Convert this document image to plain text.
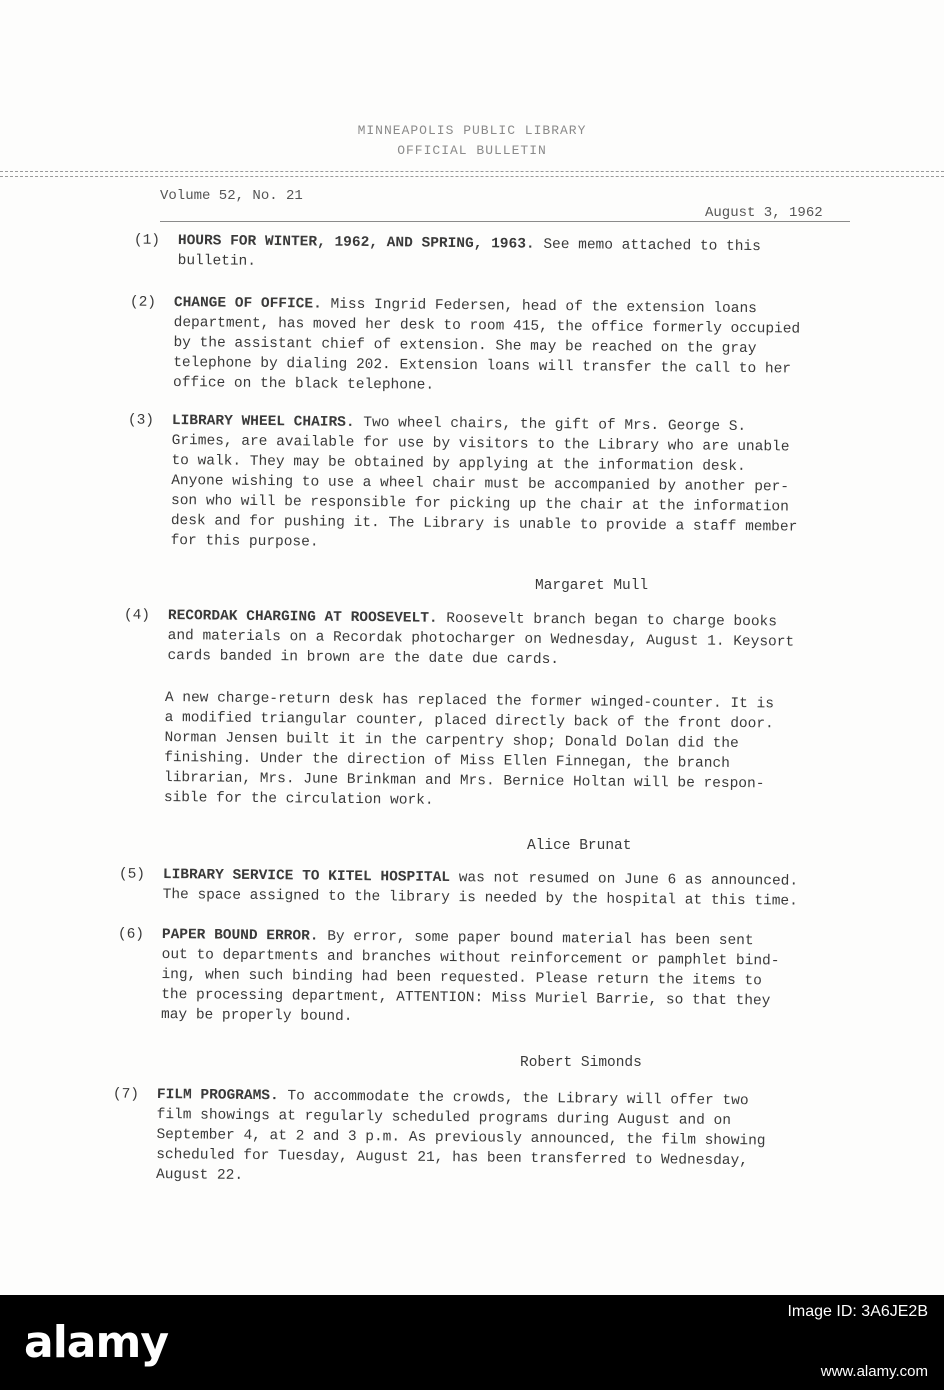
MINNEAPOLIS PUBLIC LIBRARY
OFFICIAL BULLETIN
Volume 52, No. 21
August 3, 1962
(1) HOURS FOR WINTER, 1962, AND SPRING, 1963. See memo attached to this
bulletin.
(2) CHANGE OF OFFICE. Miss Ingrid Federsen, head of the extension loans
department, has moved her desk to room 415, the office formerly occupied
by the assistant chief of extension. She may be reached on the gray
telephone by dialing 202. Extension loans will transfer the call to her
office on the black telephone.
(3) LIBRARY WHEEL CHAIRS. Two wheel chairs, the gift of Mrs. George S.
Grimes, are available for use by visitors to the Library who are unable
to walk. They may be obtained by applying at the information desk.
Anyone wishing to use a wheel chair must be accompanied by another per-
son who will be responsible for picking up the chair at the information
desk and for pushing it. The Library is unable to provide a staff member
for this purpose.
Margaret Mull
(4) RECORDAK CHARGING AT ROOSEVELT. Roosevelt branch began to charge books
and materials on a Recordak photocharger on Wednesday, August 1. Keysort
cards banded in brown are the date due cards.
A new charge-return desk has replaced the former winged-counter. It is
a modified triangular counter, placed directly back of the front door.
Norman Jensen built it in the carpentry shop; Donald Dolan did the
finishing. Under the direction of Miss Ellen Finnegan, the branch
librarian, Mrs. June Brinkman and Mrs. Bernice Holtan will be respon-
sible for the circulation work.
Alice Brunat
(5) LIBRARY SERVICE TO KITEL HOSPITAL was not resumed on June 6 as announced.
The space assigned to the library is needed by the hospital at this time.
(6) PAPER BOUND ERROR. By error, some paper bound material has been sent
out to departments and branches without reinforcement or pamphlet bind-
ing, when such binding had been requested. Please return the items to
the processing department, ATTENTION: Miss Muriel Barrie, so that they
may be properly bound.
Robert Simonds
(7) FILM PROGRAMS. To accommodate the crowds, the Library will offer two
film showings at regularly scheduled programs during August and on
September 4, at 2 and 3 p.m. As previously announced, the film showing
scheduled for Tuesday, August 21, has been transferred to Wednesday,
August 22.
alamy
Image ID: 3A6JE2B
www.alamy.com
